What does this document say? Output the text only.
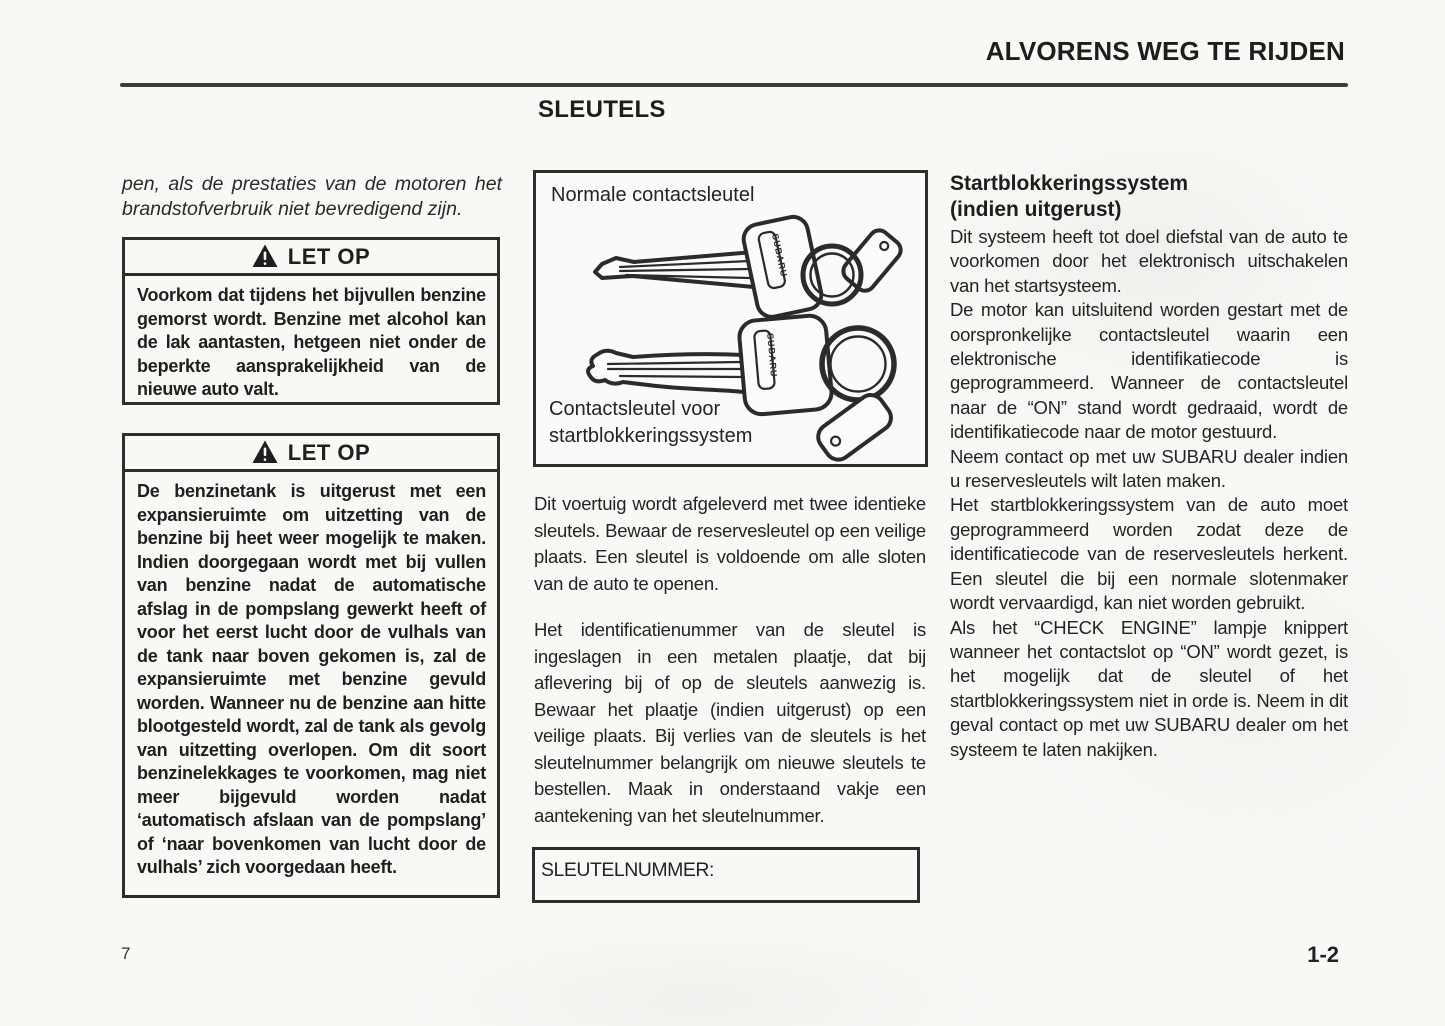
ALVORENS WEG TE RIJDEN
SLEUTELS
pen, als de prestaties van de motoren het brandstofverbruik niet bevredigend zijn.
LET OP
Voorkom dat tijdens het bijvullen benzine gemorst wordt. Benzine met alcohol kan de lak aantasten, hetgeen niet onder de beperkte aansprakelijkheid van de nieuwe auto valt.
LET OP
De benzinetank is uitgerust met een expansieruimte om uitzetting van de benzine bij heet weer mogelijk te maken. Indien doorgegaan wordt met bij vullen van benzine nadat de automatische afslag in de pompslang gewerkt heeft of voor het eerst lucht door de vulhals van de tank naar boven gekomen is, zal de expansieruimte met benzine gevuld worden. Wanneer nu de benzine aan hitte blootgesteld wordt, zal de tank als gevolg van uitzetting overlopen. Om dit soort benzinelekkages te voorkomen, mag niet meer bijgevuld worden nadat ‘automatisch afslaan van de pompslang’ of ‘naar bovenkomen van lucht door de vulhals’ zich voorgedaan heeft.
SUBARU
SUBARU
Normale contactsleutel
Contactsleutel voor
startblokkeringssystem
Dit voertuig wordt afgeleverd met twee identieke sleutels. Bewaar de reservesleutel op een veilige plaats. Een sleutel is voldoende om alle sloten van de auto te openen.
Het identificatienummer van de sleutel is ingeslagen in een metalen plaatje, dat bij aflevering bij of op de sleutels aanwezig is. Bewaar het plaatje (indien uitgerust) op een veilige plaats. Bij verlies van de sleutels is het sleutelnummer belangrijk om nieuwe sleutels te bestellen. Maak in onderstaand vakje een aantekening van het sleutelnummer.
SLEUTELNUMMER:
Startblokkeringssystem
(indien uitgerust)

Dit systeem heeft tot doel diefstal van de auto te voorkomen door het elektronisch uitschakelen van het startsysteem.

De motor kan uitsluitend worden gestart met de oorspronkelijke contactsleutel waarin een elektronische identifikatiecode is geprogrammeerd. Wanneer de contactsleutel naar de “ON” stand wordt gedraaid, wordt de identifikatiecode naar de motor gestuurd.

Neem contact op met uw SUBARU dealer indien u reservesleutels wilt laten maken.

Het startblokkeringssystem van de auto moet geprogrammeerd worden zodat deze de identificatiecode van de reservesleutels herkent. Een sleutel die bij een normale slotenmaker wordt vervaardigd, kan niet worden gebruikt.

Als het “CHECK ENGINE” lampje knippert wanneer het contactslot op “ON” wordt gezet, is het mogelijk dat de sleutel of het startblokkeringssystem niet in orde is. Neem in dit geval contact op met uw SUBARU dealer om het systeem te laten nakijken.

7	1-2
